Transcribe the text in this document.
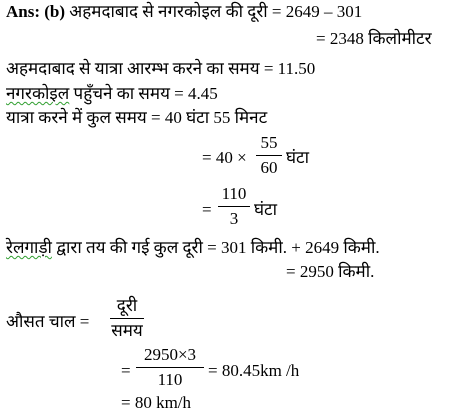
Ans: (b) अहमदाबाद से नगरकोइल की दूरी = 2649 – 301
= 2348 किलोमीटर
अहमदाबाद से यात्रा आरम्भ करने का समय = 11.50
नगरकोइल पहुँचने का समय = 4.45
यात्रा करने में कुल समय = 40 घंटा 55 मिनट
= 40 ×
55
60
घंटा
=
110
3 घंटा
रेलगाड़ी द्वारा तय की गई कुल दूरी = 301 किमी. + 2649 किमी.
= 2950 किमी.
औसत चाल =
दूरी
समय
=
2950×3
110	= 80.45km /h
= 80 km/h
